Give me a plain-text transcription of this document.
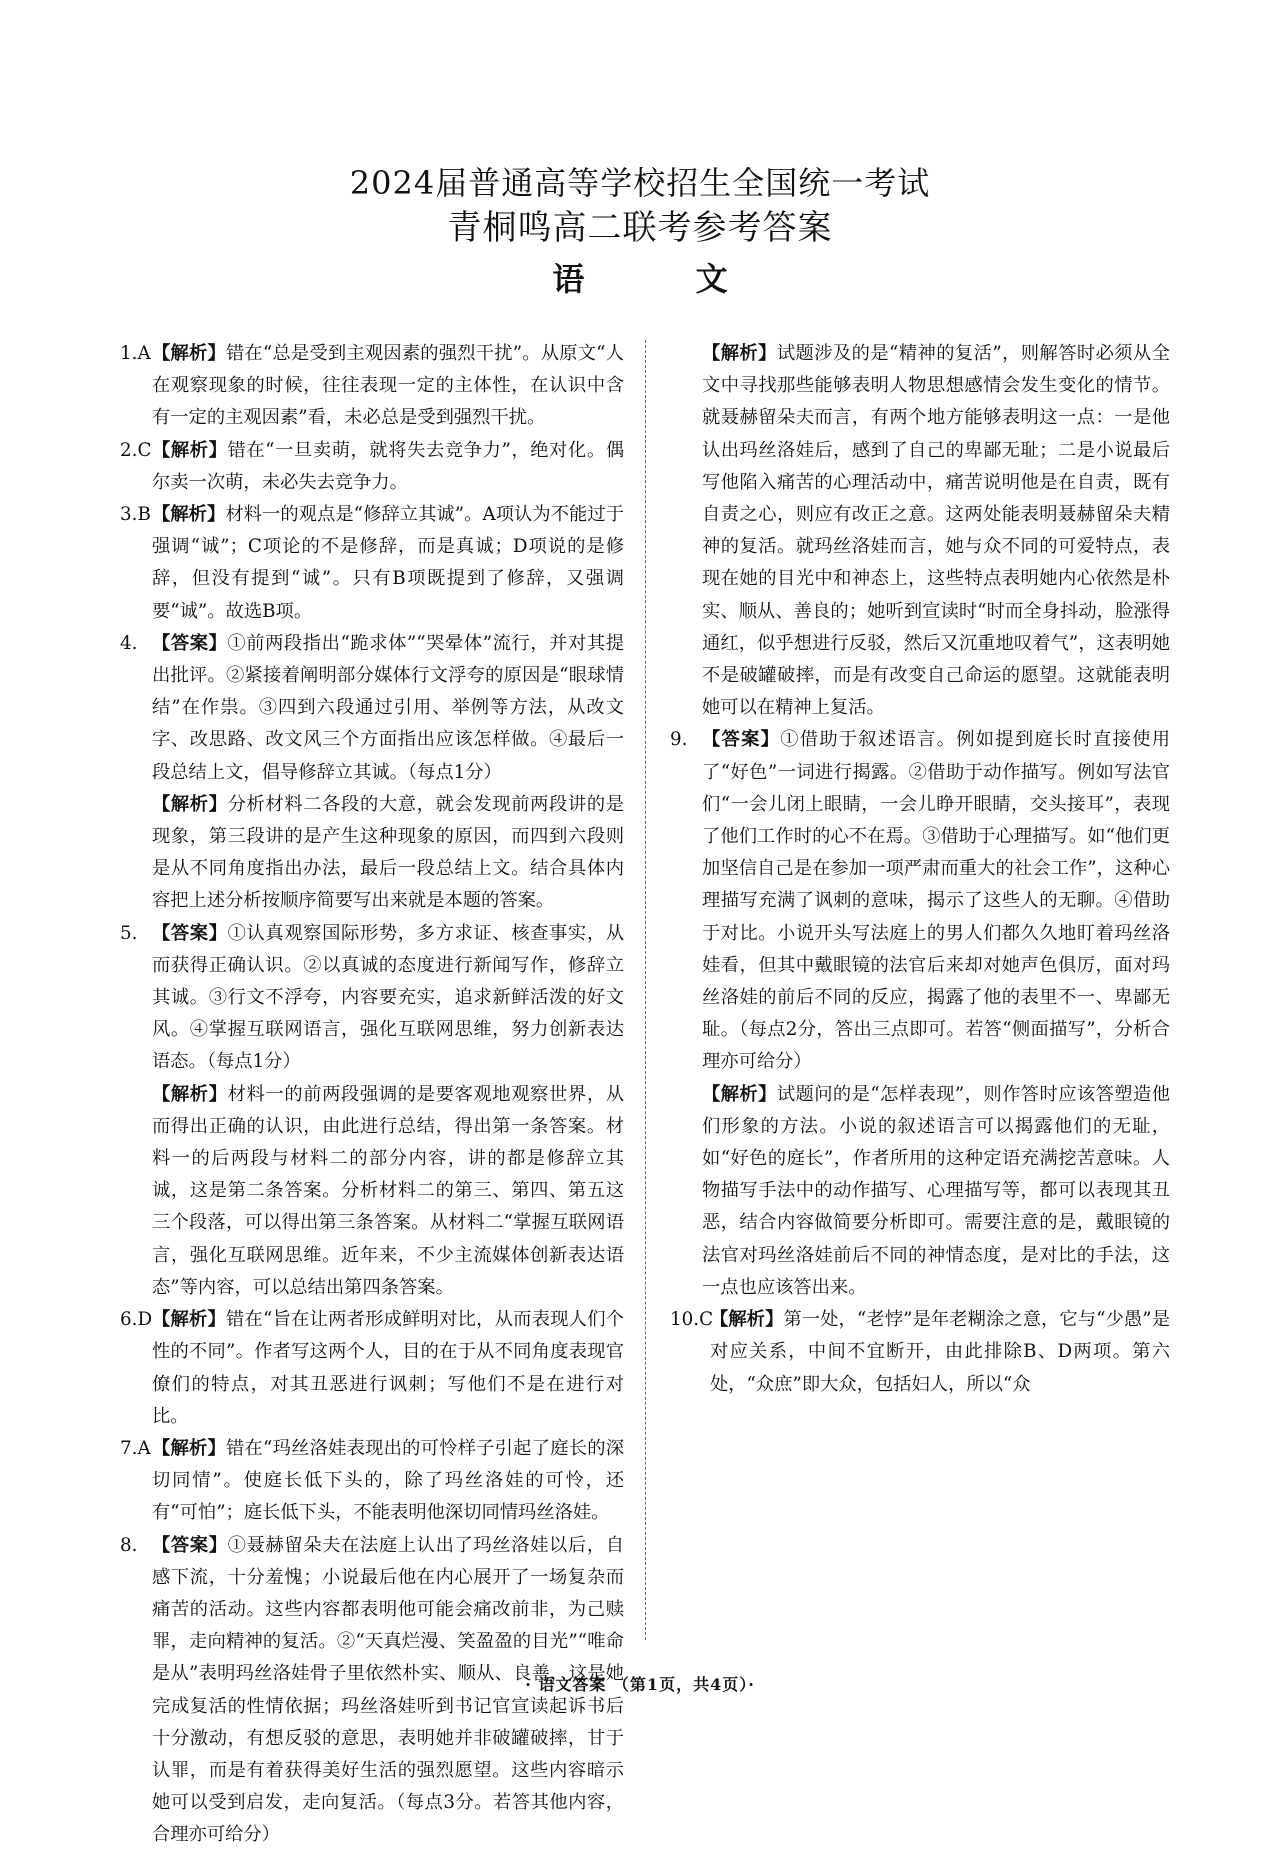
2024届普通高等学校招生全国统一考试
青桐鸣高二联考参考答案
语 文
1.A 【解析】错在“总是受到主观因素的强烈干扰”。从原文“人在观察现象的时候，往往表现一定的主体性，在认识中含有一定的主观因素”看，未必总是受到强烈干扰。

2.C 【解析】错在“一旦卖萌，就将失去竞争力”，绝对化。偶尔卖一次萌，未必失去竞争力。

3.B 【解析】材料一的观点是“修辞立其诚”。A项认为不能过于强调“诚”；C项论的不是修辞，而是真诚；D项说的是修辞，但没有提到“诚”。只有B项既提到了修辞，又强调要“诚”。故选B项。

4. 【答案】①前两段指出“跪求体”“哭晕体”流行，并对其提出批评。②紧接着阐明部分媒体行文浮夸的原因是“眼球情结”在作祟。③四到六段通过引用、举例等方法，从改文字、改思路、改文风三个方面指出应该怎样做。④最后一段总结上文，倡导修辞立其诚。（每点1分）

【解析】分析材料二各段的大意，就会发现前两段讲的是现象，第三段讲的是产生这种现象的原因，而四到六段则是从不同角度指出办法，最后一段总结上文。结合具体内容把上述分析按顺序简要写出来就是本题的答案。

5. 【答案】①认真观察国际形势，多方求证、核查事实，从而获得正确认识。②以真诚的态度进行新闻写作，修辞立其诚。③行文不浮夸，内容要充实，追求新鲜活泼的好文风。④掌握互联网语言，强化互联网思维，努力创新表达语态。（每点1分）

【解析】材料一的前两段强调的是要客观地观察世界，从而得出正确的认识，由此进行总结，得出第一条答案。材料一的后两段与材料二的部分内容，讲的都是修辞立其诚，这是第二条答案。分析材料二的第三、第四、第五这三个段落，可以得出第三条答案。从材料二“掌握互联网语言，强化互联网思维。近年来，不少主流媒体创新表达语态”等内容，可以总结出第四条答案。

6.D 【解析】错在“旨在让两者形成鲜明对比，从而表现人们个性的不同”。作者写这两个人，目的在于从不同角度表现官僚们的特点，对其丑恶进行讽刺；写他们不是在进行对比。

7.A 【解析】错在“玛丝洛娃表现出的可怜样子引起了庭长的深切同情”。使庭长低下头的，除了玛丝洛娃的可怜，还有“可怕”；庭长低下头，不能表明他深切同情玛丝洛娃。

8. 【答案】①聂赫留朵夫在法庭上认出了玛丝洛娃以后，自感下流，十分羞愧；小说最后他在内心展开了一场复杂而痛苦的活动。这些内容都表明他可能会痛改前非，为己赎罪，走向精神的复活。②“天真烂漫、笑盈盈的目光”“唯命是从”表明玛丝洛娃骨子里依然朴实、顺从、良善，这是她完成复活的性情依据；玛丝洛娃听到书记官宣读起诉书后十分激动，有想反驳的意思，表明她并非破罐破摔，甘于认罪，而是有着获得美好生活的强烈愿望。这些内容暗示她可以受到启发，走向复活。（每点3分。若答其他内容，合理亦可给分）

【解析】试题涉及的是“精神的复活”，则解答时必须从全文中寻找那些能够表明人物思想感情会发生变化的情节。就聂赫留朵夫而言，有两个地方能够表明这一点：一是他认出玛丝洛娃后，感到了自己的卑鄙无耻；二是小说最后写他陷入痛苦的心理活动中，痛苦说明他是在自责，既有自责之心，则应有改正之意。这两处能表明聂赫留朵夫精神的复活。就玛丝洛娃而言，她与众不同的可爱特点，表现在她的目光中和神态上，这些特点表明她内心依然是朴实、顺从、善良的；她听到宣读时“时而全身抖动，脸涨得通红，似乎想进行反驳，然后又沉重地叹着气”，这表明她不是破罐破摔，而是有改变自己命运的愿望。这就能表明她可以在精神上复活。

9. 【答案】①借助于叙述语言。例如提到庭长时直接使用了“好色”一词进行揭露。②借助于动作描写。例如写法官们“一会儿闭上眼睛，一会儿睁开眼睛，交头接耳”，表现了他们工作时的心不在焉。③借助于心理描写。如“他们更加坚信自己是在参加一项严肃而重大的社会工作”，这种心理描写充满了讽刺的意味，揭示了这些人的无聊。④借助于对比。小说开头写法庭上的男人们都久久地盯着玛丝洛娃看，但其中戴眼镜的法官后来却对她声色俱厉，面对玛丝洛娃的前后不同的反应，揭露了他的表里不一、卑鄙无耻。（每点2分，答出三点即可。若答“侧面描写”，分析合理亦可给分）

【解析】试题问的是“怎样表现”，则作答时应该答塑造他们形象的方法。小说的叙述语言可以揭露他们的无耻，如“好色的庭长”，作者所用的这种定语充满挖苦意味。人物描写手法中的动作描写、心理描写等，都可以表现其丑恶，结合内容做简要分析即可。需要注意的是，戴眼镜的法官对玛丝洛娃前后不同的神情态度，是对比的手法，这一点也应该答出来。

10.C

【解析】第一处，“老悖”是年老糊涂之意，它与“少愚”是对应关系，中间不宜断开，由此排除B、D两项。第六处，“众庶”即大众，包括妇人，所以“众

· 语文答案 （第1页，共4页）·
